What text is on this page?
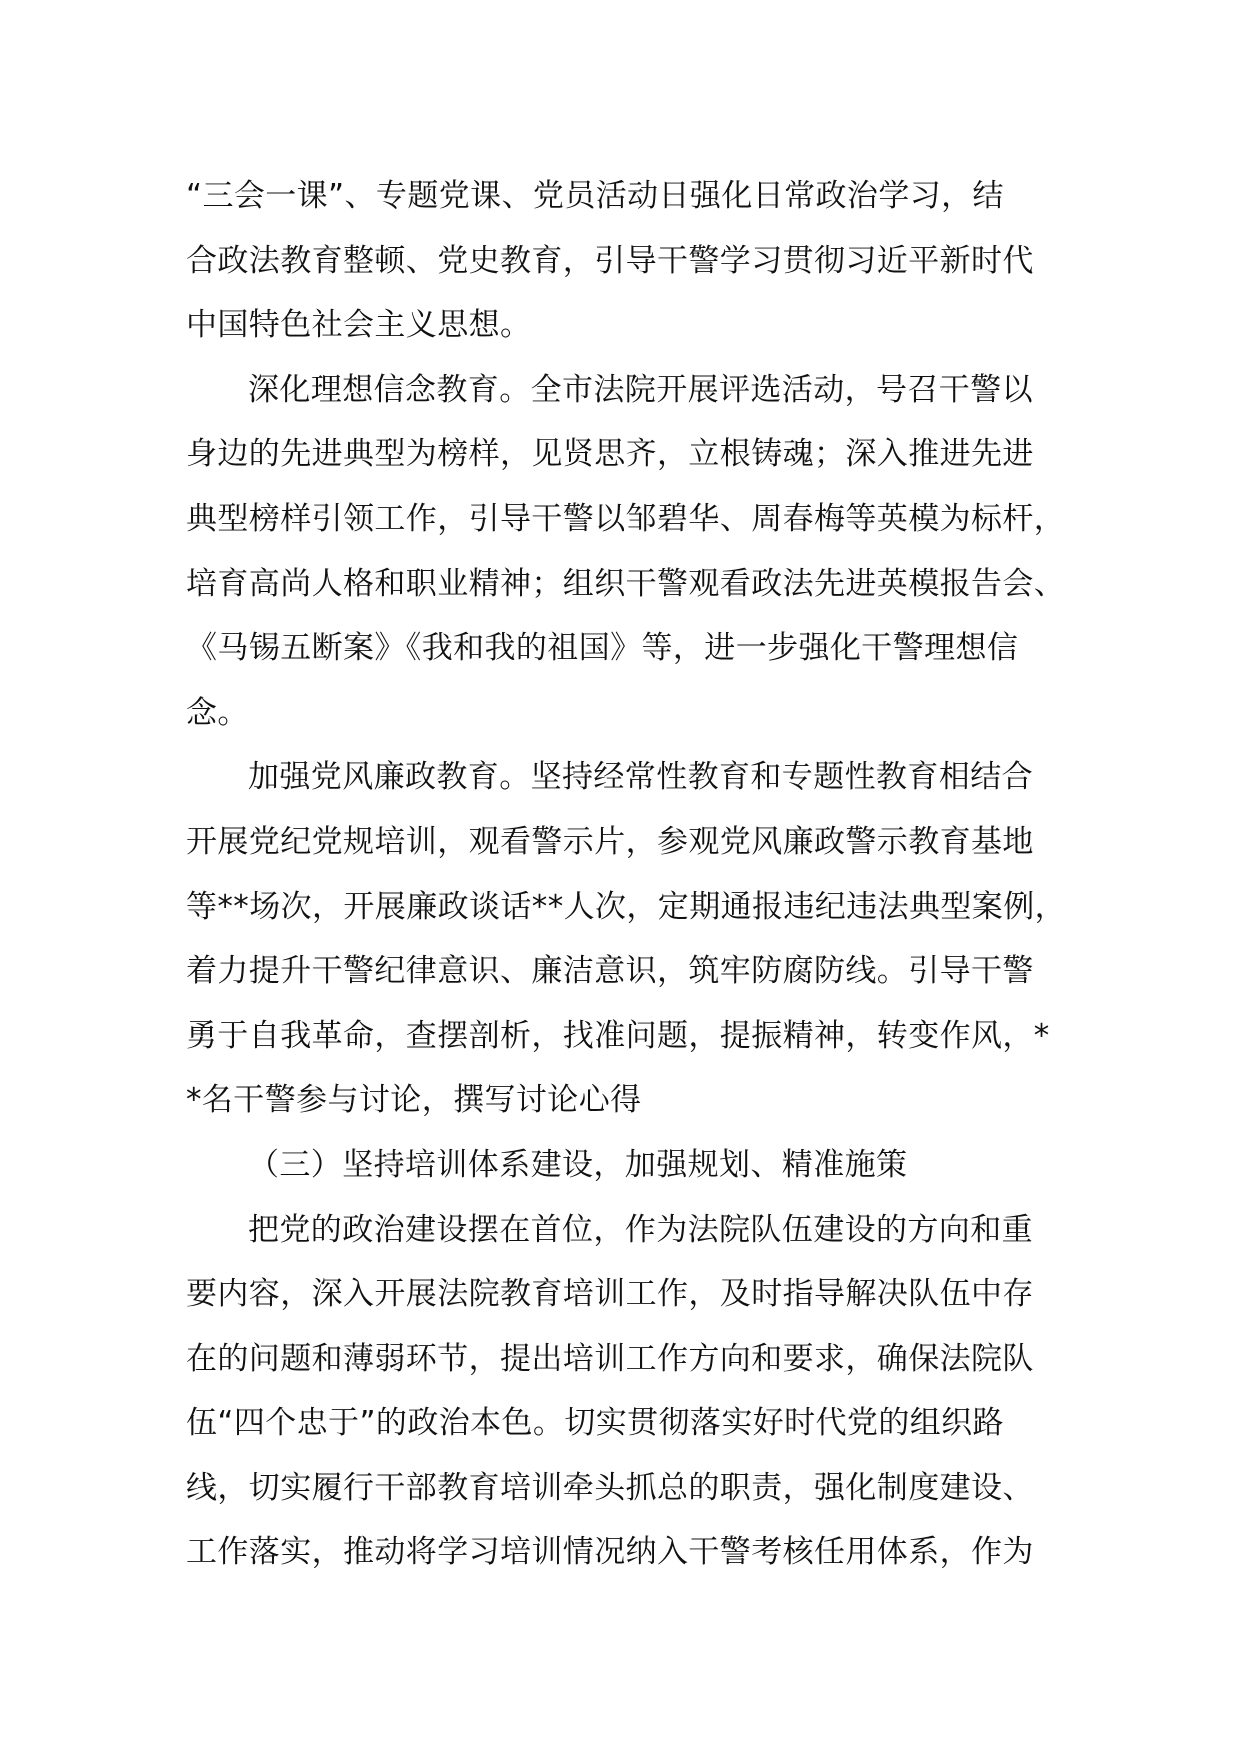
“三会一课”、专题党课、党员活动日强化日常政治学习，结
合政法教育整顿、党史教育，引导干警学习贯彻习近平新时代
中国特色社会主义思想。
深化理想信念教育。全市法院开展评选活动，号召干警以
身边的先进典型为榜样，见贤思齐，立根铸魂；深入推进先进
典型榜样引领工作，引导干警以邹碧华、周春梅等英模为标杆，
培育高尚人格和职业精神；组织干警观看政法先进英模报告会、
《马锡五断案》《我和我的祖国》等，进一步强化干警理想信
念。
加强党风廉政教育。坚持经常性教育和专题性教育相结合
开展党纪党规培训，观看警示片，参观党风廉政警示教育基地
等**场次，开展廉政谈话**人次，定期通报违纪违法典型案例，
着力提升干警纪律意识、廉洁意识，筑牢防腐防线。引导干警
勇于自我革命，查摆剖析，找准问题，提振精神，转变作风，*
*名干警参与讨论，撰写讨论心得
（三）坚持培训体系建设，加强规划、精准施策
把党的政治建设摆在首位，作为法院队伍建设的方向和重
要内容，深入开展法院教育培训工作，及时指导解决队伍中存
在的问题和薄弱环节，提出培训工作方向和要求，确保法院队
伍“四个忠于”的政治本色。切实贯彻落实好时代党的组织路
线，切实履行干部教育培训牵头抓总的职责，强化制度建设、
工作落实，推动将学习培训情况纳入干警考核任用体系，作为
